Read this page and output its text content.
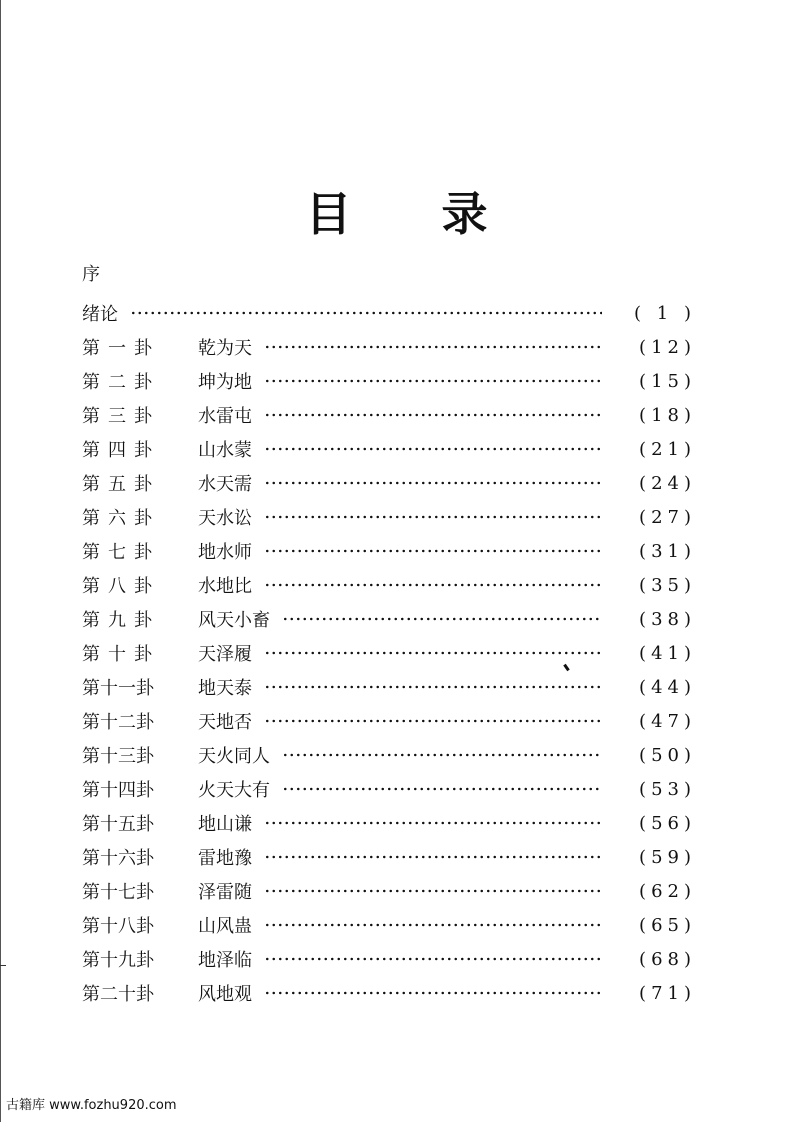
目 录
序
绪论	( 1 )
第一卦	乾为天	(12)
第二卦	坤为地	(15)
第三卦	水雷屯	(18)
第四卦	山水蒙	(21)
第五卦	水天需	(24)
第六卦	天水讼	(27)
第七卦	地水师	(31)
第八卦	水地比	(35)
第九卦	风天小畜	(38)
第十卦	天泽履	(41)
第十一卦	地天泰	(44)
第十二卦	天地否	(47)
第十三卦	天火同人	(50)
第十四卦	火天大有	(53)
第十五卦	地山谦	(56)
第十六卦	雷地豫	(59)
第十七卦	泽雷随	(62)
第十八卦	山风蛊	(65)
第十九卦	地泽临	(68)
第二十卦	风地观	(71)
古籍库 www.fozhu920.com
